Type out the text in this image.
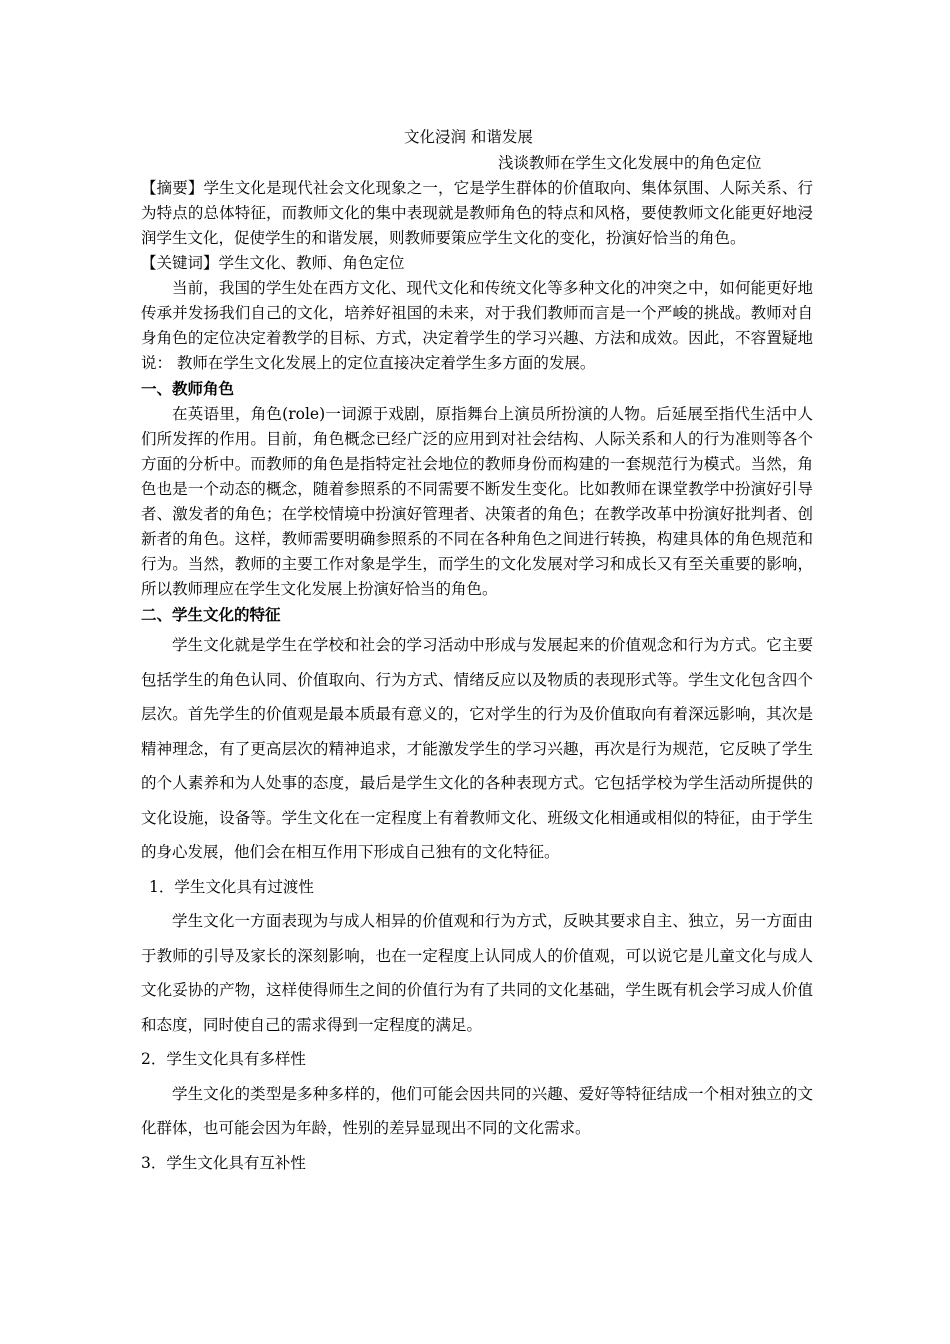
文化浸润 和谐发展
浅谈教师在学生文化发展中的角色定位

【摘要】学生文化是现代社会文化现象之一，它是学生群体的价值取向、集体氛围、人际关系、行为特点的总体特征，而教师文化的集中表现就是教师角色的特点和风格，要使教师文化能更好地浸润学生文化，促使学生的和谐发展，则教师要策应学生文化的变化，扮演好恰当的角色。

【关键词】学生文化、教师、角色定位

当前，我国的学生处在西方文化、现代文化和传统文化等多种文化的冲突之中，如何能更好地传承并发扬我们自己的文化，培养好祖国的未来，对于我们教师而言是一个严峻的挑战。教师对自身角色的定位决定着教学的目标、方式，决定着学生的学习兴趣、方法和成效。因此，不容置疑地说： 教师在学生文化发展上的定位直接决定着学生多方面的发展。

一、教师角色

在英语里，角色(role)一词源于戏剧，原指舞台上演员所扮演的人物。后延展至指代生活中人们所发挥的作用。目前，角色概念已经广泛的应用到对社会结构、人际关系和人的行为准则等各个方面的分析中。而教师的角色是指特定社会地位的教师身份而构建的一套规范行为模式。当然，角色也是一个动态的概念，随着参照系的不同需要不断发生变化。比如教师在课堂教学中扮演好引导者、激发者的角色；在学校情境中扮演好管理者、决策者的角色；在教学改革中扮演好批判者、创新者的角色。这样，教师需要明确参照系的不同在各种角色之间进行转换，构建具体的角色规范和行为。当然，教师的主要工作对象是学生，而学生的文化发展对学习和成长又有至关重要的影响，所以教师理应在学生文化发展上扮演好恰当的角色。

二、学生文化的特征

学生文化就是学生在学校和社会的学习活动中形成与发展起来的价值观念和行为方式。它主要包括学生的角色认同、价值取向、行为方式、情绪反应以及物质的表现形式等。学生文化包含四个层次。首先学生的价值观是最本质最有意义的，它对学生的行为及价值取向有着深远影响，其次是精神理念，有了更高层次的精神追求，才能激发学生的学习兴趣，再次是行为规范，它反映了学生的个人素养和为人处事的态度，最后是学生文化的各种表现方式。它包括学校为学生活动所提供的文化设施，设备等。学生文化在一定程度上有着教师文化、班级文化相通或相似的特征，由于学生的身心发展，他们会在相互作用下形成自己独有的文化特征。

1．学生文化具有过渡性

学生文化一方面表现为与成人相异的价值观和行为方式，反映其要求自主、独立，另一方面由于教师的引导及家长的深刻影响，也在一定程度上认同成人的价值观，可以说它是儿童文化与成人文化妥协的产物，这样使得师生之间的价值行为有了共同的文化基础，学生既有机会学习成人价值和态度，同时使自己的需求得到一定程度的满足。

2．学生文化具有多样性

学生文化的类型是多种多样的，他们可能会因共同的兴趣、爱好等特征结成一个相对独立的文化群体，也可能会因为年龄，性别的差异显现出不同的文化需求。

3．学生文化具有互补性
